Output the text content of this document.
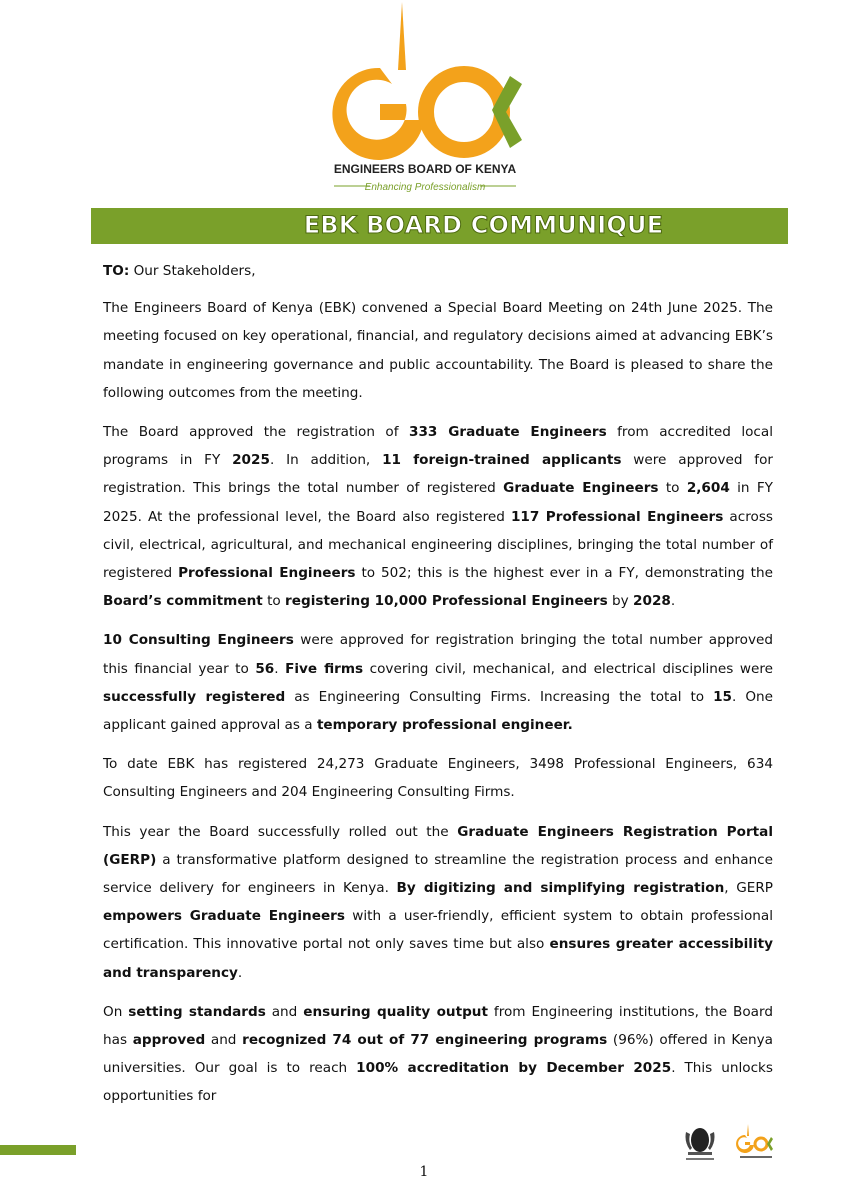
ENGINEERS BOARD OF KENYA
Enhancing Professionalism
EBK BOARD COMMUNIQUE

TO: Our Stakeholders,

The Engineers Board of Kenya (EBK) convened a Special Board Meeting on 24th June 2025. The meeting focused on key operational, financial, and regulatory decisions aimed at advancing EBK’s mandate in engineering governance and public accountability. The Board is pleased to share the following outcomes from the meeting.

The Board approved the registration of 333 Graduate Engineers from accredited local programs in FY 2025. In addition, 11 foreign-trained applicants were approved for registration. This brings the total number of registered Graduate Engineers to 2,604 in FY 2025. At the professional level, the Board also registered 117 Professional Engineers across civil, electrical, agricultural, and mechanical engineering disciplines, bringing the total number of registered Professional Engineers to 502; this is the highest ever in a FY, demonstrating the Board’s commitment to registering 10,000 Professional Engineers by 2028.

10 Consulting Engineers were approved for registration bringing the total number approved this financial year to 56. Five firms covering civil, mechanical, and electrical disciplines were successfully registered as Engineering Consulting Firms. Increasing the total to 15. One applicant gained approval as a temporary professional engineer.

To date EBK has registered 24,273 Graduate Engineers, 3498 Professional Engineers, 634 Consulting Engineers and 204 Engineering Consulting Firms.

This year the Board successfully rolled out the Graduate Engineers Registration Portal (GERP) a transformative platform designed to streamline the registration process and enhance service delivery for engineers in Kenya. By digitizing and simplifying registration, GERP empowers Graduate Engineers with a user-friendly, efficient system to obtain professional certification. This innovative portal not only saves time but also ensures greater accessibility and transparency.

On setting standards and ensuring quality output from Engineering institutions, the Board has approved and recognized 74 out of 77 engineering programs (96%) offered in Kenya universities. Our goal is to reach 100% accreditation by December 2025. This unlocks opportunities for

1
